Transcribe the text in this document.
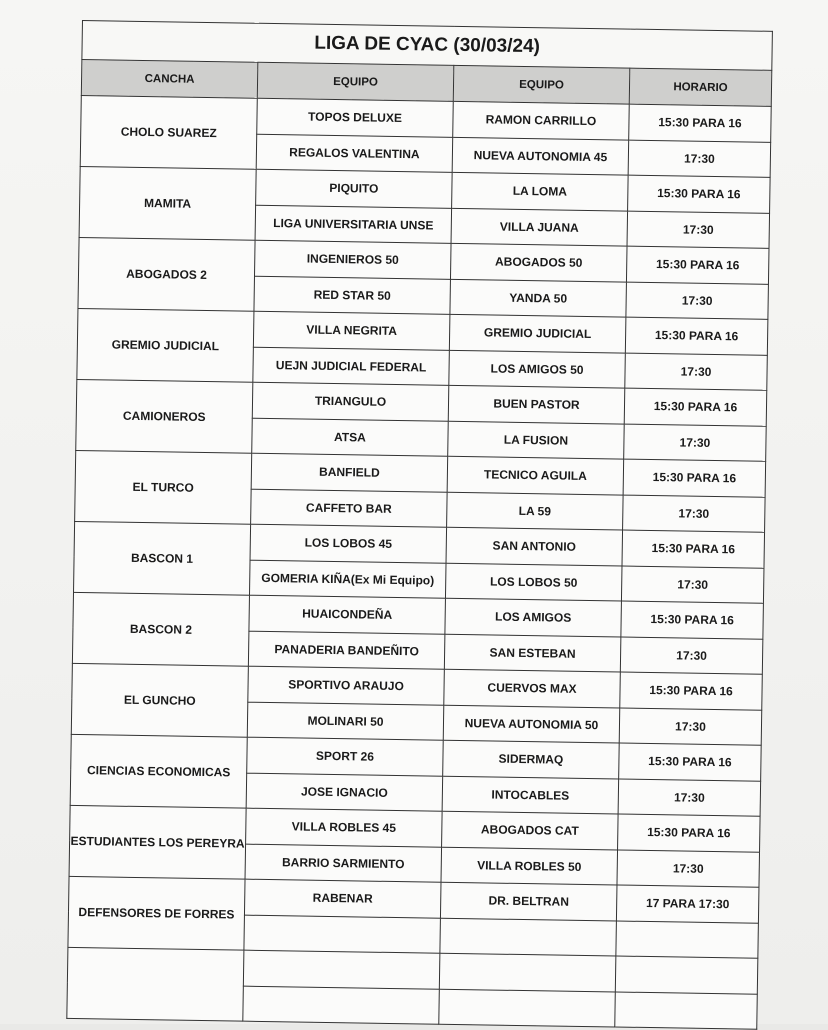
LIGA DE CYAC (30/03/24)			
CANCHA	EQUIPO	EQUIPO	HORARIO
CHOLO SUAREZ	TOPOS DELUXE	RAMON CARRILLO	15:30 PARA 16
	REGALOS VALENTINA	NUEVA AUTONOMIA 45	17:30
MAMITA	PIQUITO	LA LOMA	15:30 PARA 16
	LIGA UNIVERSITARIA UNSE	VILLA JUANA	17:30
ABOGADOS 2	INGENIEROS 50	ABOGADOS 50	15:30 PARA 16
	RED STAR 50	YANDA 50	17:30
GREMIO JUDICIAL	VILLA NEGRITA	GREMIO JUDICIAL	15:30 PARA 16
	UEJN JUDICIAL FEDERAL	LOS AMIGOS 50	17:30
CAMIONEROS	TRIANGULO	BUEN PASTOR	15:30 PARA 16
	ATSA	LA FUSION	17:30
EL TURCO	BANFIELD	TECNICO AGUILA	15:30 PARA 16
	CAFFETO BAR	LA 59	17:30
BASCON 1	LOS LOBOS 45	SAN ANTONIO	15:30 PARA 16
	GOMERIA KIÑA(Ex Mi Equipo)	LOS LOBOS 50	17:30
BASCON 2	HUAICONDEÑA	LOS AMIGOS	15:30 PARA 16
	PANADERIA BANDEÑITO	SAN ESTEBAN	17:30
EL GUNCHO	SPORTIVO ARAUJO	CUERVOS MAX	15:30 PARA 16
	MOLINARI 50	NUEVA AUTONOMIA 50	17:30
CIENCIAS ECONOMICAS	SPORT 26	SIDERMAQ	15:30 PARA 16
	JOSE IGNACIO	INTOCABLES	17:30
ESTUDIANTES LOS PEREYRA	VILLA ROBLES 45	ABOGADOS CAT	15:30 PARA 16
	BARRIO SARMIENTO	VILLA ROBLES 50	17:30
DEFENSORES DE FORRES	RABENAR	DR. BELTRAN	17 PARA 17:30
